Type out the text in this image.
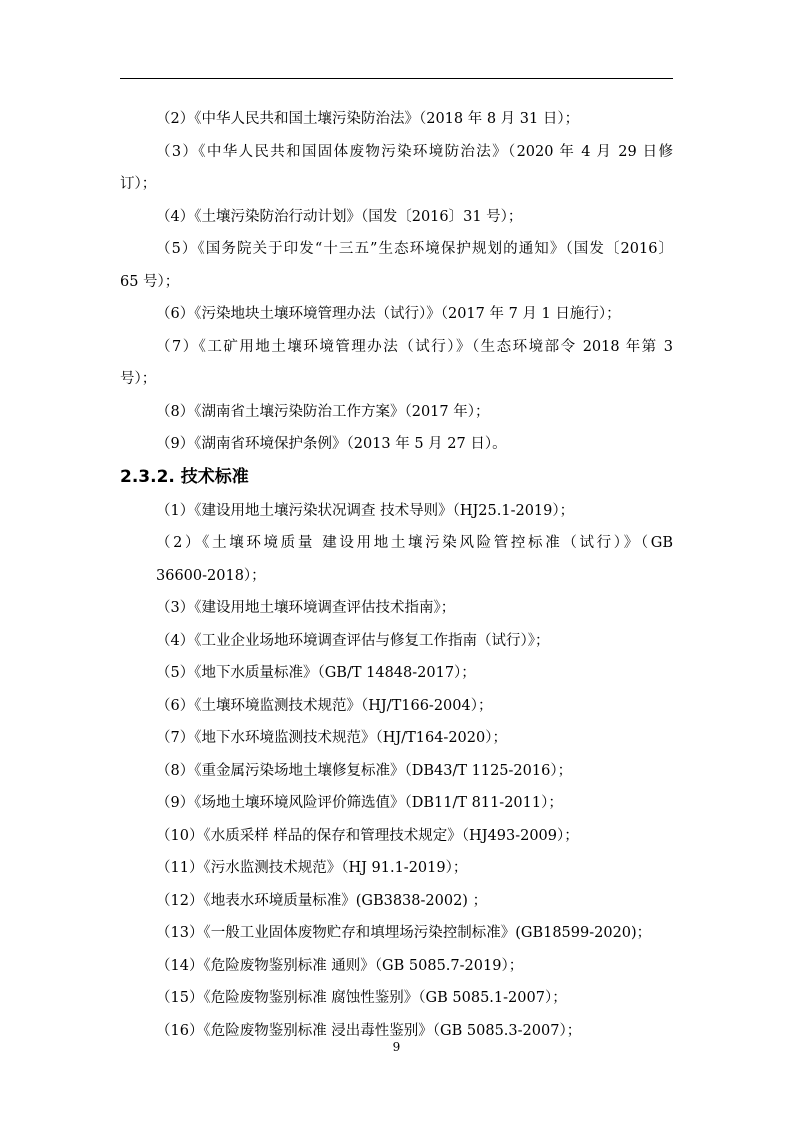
（2）《中华人民共和国土壤污染防治法》（2018 年 8 月 31 日）；
（3）《中华人民共和国固体废物污染环境防治法》（2020 年 4 月 29 日修
订）；
（4）《土壤污染防治行动计划》（国发〔2016〕31 号）；
（5）《国务院关于印发“十三五”生态环境保护规划的通知》（国发〔2016〕
65 号）；
（6）《污染地块土壤环境管理办法（试行）》（2017 年 7 月 1 日施行）；
（7）《工矿用地土壤环境管理办法（试行）》（生态环境部令 2018 年第 3
号）；
（8）《湖南省土壤污染防治工作方案》（2017 年）；
（9）《湖南省环境保护条例》（2013 年 5 月 27 日）。
2.3.2. 技术标准
（1）《建设用地土壤污染状况调查 技术导则》（HJ25.1-2019）；
（2）《土壤环境质量 建设用地土壤污染风险管控标准（试行）》（GB
36600-2018）；
（3）《建设用地土壤环境调查评估技术指南》；
（4）《工业企业场地环境调查评估与修复工作指南（试行）》；
（5）《地下水质量标准》（GB/T 14848-2017）；
（6）《土壤环境监测技术规范》（HJ/T166-2004）；
（7）《地下水环境监测技术规范》（HJ/T164-2020）；
（8）《重金属污染场地土壤修复标准》（DB43/T 1125-2016）；
（9）《场地土壤环境风险评价筛选值》（DB11/T 811-2011）；
（10）《水质采样 样品的保存和管理技术规定》（HJ493-2009）；
（11）《污水监测技术规范》（HJ 91.1-2019）；
（12）《地表水环境质量标准》(GB3838-2002) ；
（13）《一般工业固体废物贮存和填埋场污染控制标准》(GB18599-2020)；
（14）《危险废物鉴别标准 通则》（GB 5085.7-2019）；
（15）《危险废物鉴别标准 腐蚀性鉴别》（GB 5085.1-2007）；
（16）《危险废物鉴别标准 浸出毒性鉴别》（GB 5085.3-2007）；
9
